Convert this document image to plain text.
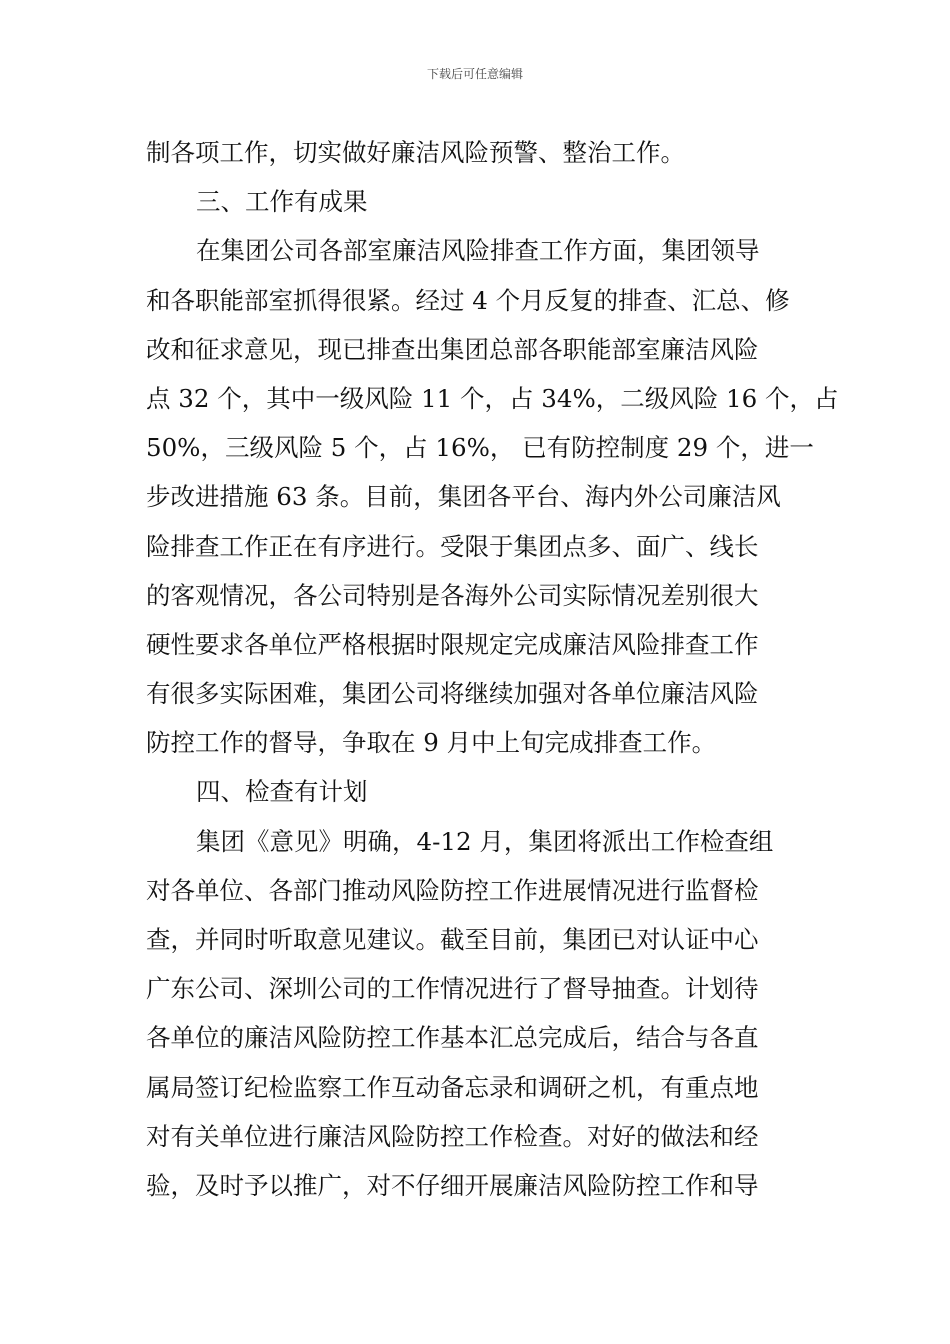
下载后可任意编辑

制各项工作，切实做好廉洁风险预警、整治工作。

三、工作有成果

在集团公司各部室廉洁风险排查工作方面，集团领导

和各职能部室抓得很紧。经过 4 个月反复的排查、汇总、修

改和征求意见，现已排查出集团总部各职能部室廉洁风险

点 32 个，其中一级风险 11 个，占 34%，二级风险 16 个，占

50%，三级风险 5 个，占 16%， 已有防控制度 29 个，进一

步改进措施 63 条。目前，集团各平台、海内外公司廉洁风

险排查工作正在有序进行。受限于集团点多、面广、线长

的客观情况，各公司特别是各海外公司实际情况差别很大

硬性要求各单位严格根据时限规定完成廉洁风险排查工作

有很多实际困难，集团公司将继续加强对各单位廉洁风险

防控工作的督导，争取在 9 月中上旬完成排查工作。

四、检查有计划

集团《意见》明确，4-12 月，集团将派出工作检查组

对各单位、各部门推动风险防控工作进展情况进行监督检

查，并同时听取意见建议。截至目前，集团已对认证中心

广东公司、深圳公司的工作情况进行了督导抽查。计划待

各单位的廉洁风险防控工作基本汇总完成后，结合与各直

属局签订纪检监察工作互动备忘录和调研之机，有重点地

对有关单位进行廉洁风险防控工作检查。对好的做法和经

验，及时予以推广，对不仔细开展廉洁风险防控工作和导
